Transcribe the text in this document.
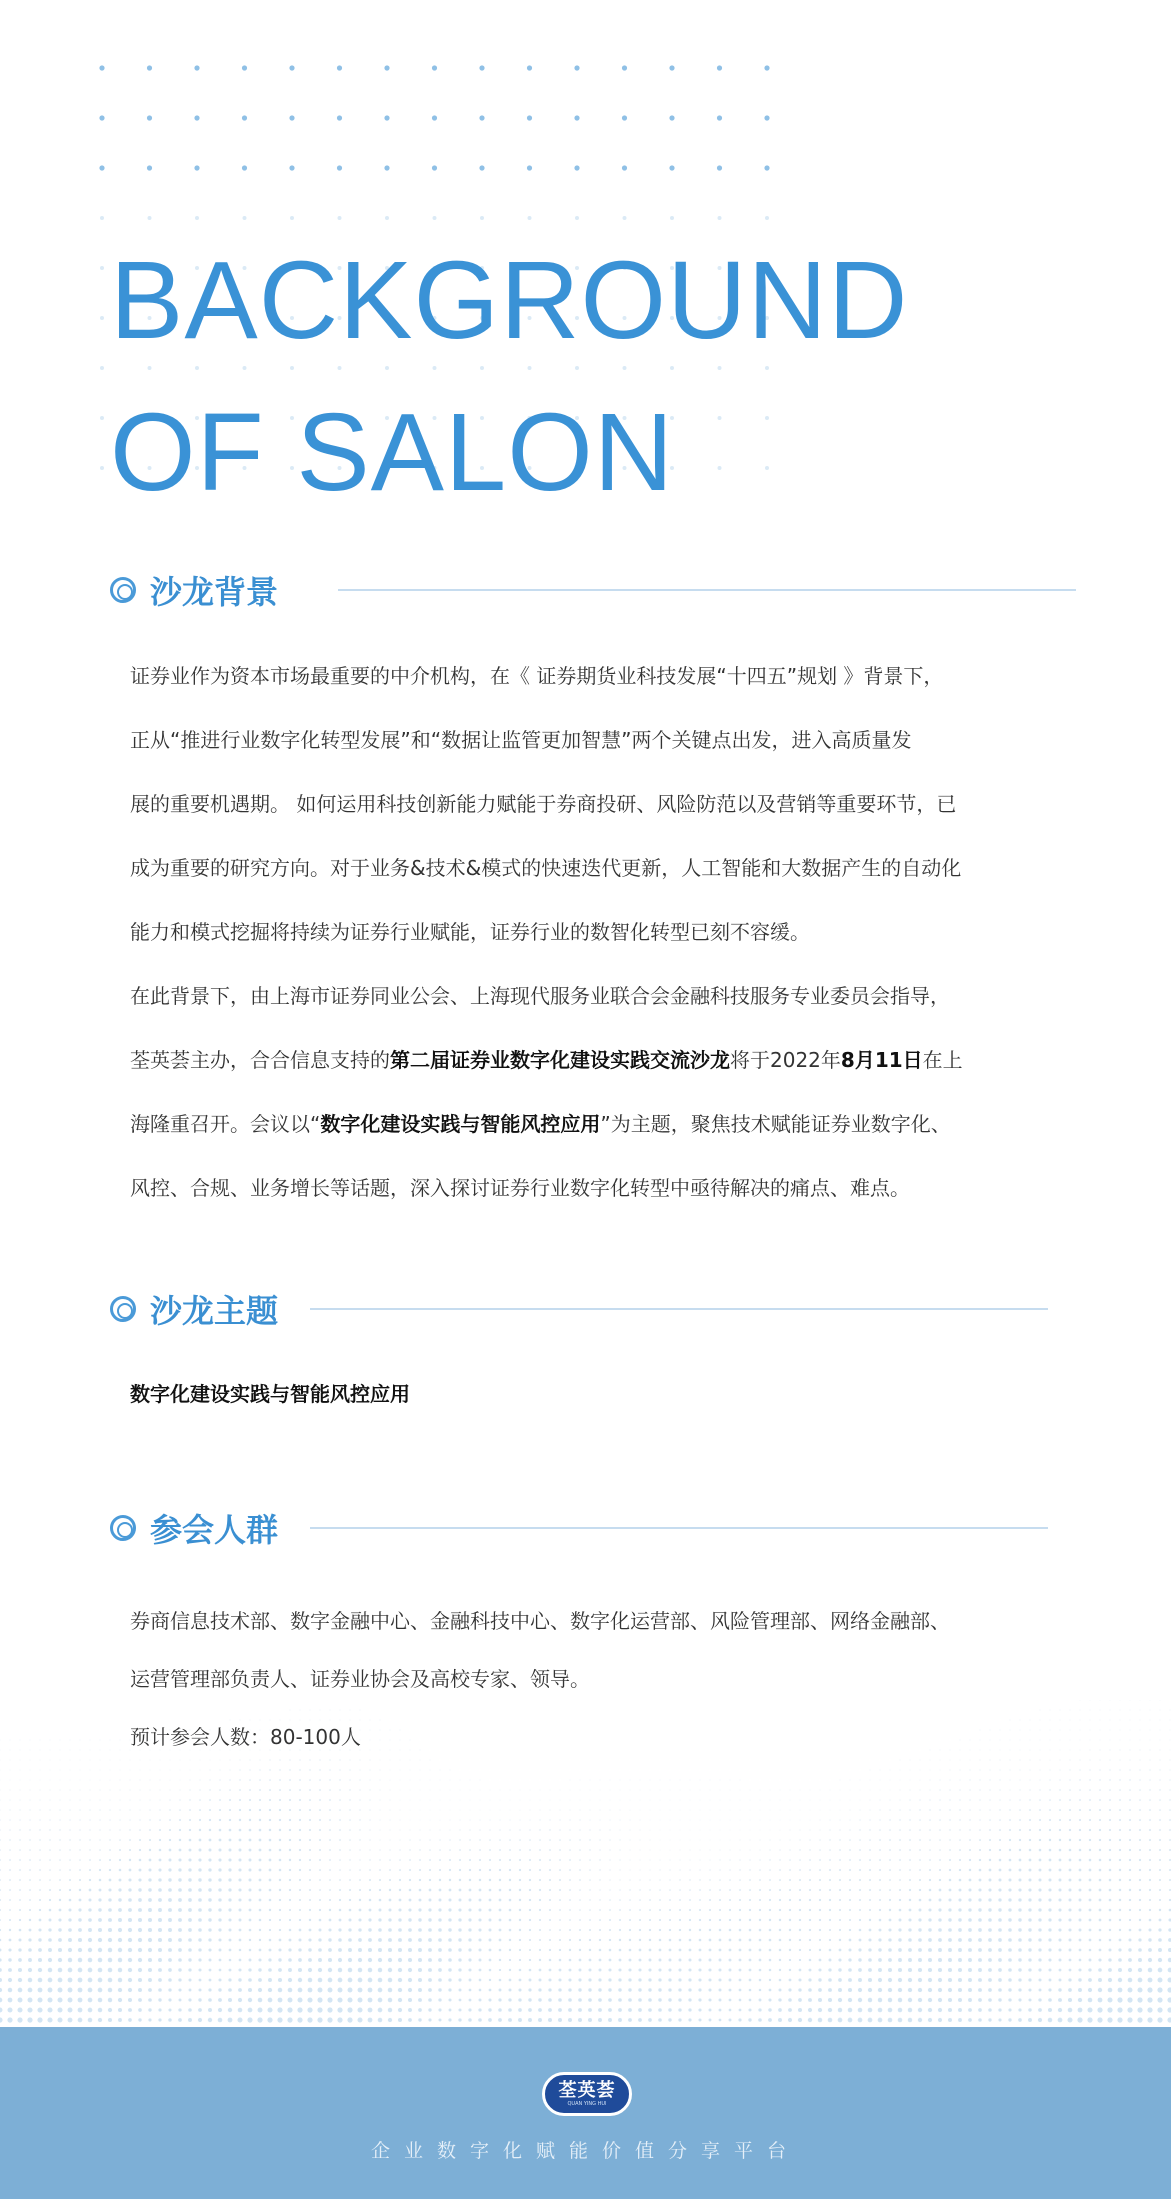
BACKGROUND
OF SALON
沙龙背景
证券业作为资本市场最重要的中介机构，在《 证券期货业科技发展“十四五”规划 》背景下，
正从“推进行业数字化转型发展”和“数据让监管更加智慧”两个关键点出发，进入高质量发
展的重要机遇期。 如何运用科技创新能力赋能于券商投研、风险防范以及营销等重要环节，已
成为重要的研究方向。对于业务&技术&模式的快速迭代更新，人工智能和大数据产生的自动化
能力和模式挖掘将持续为证券行业赋能，证券行业的数智化转型已刻不容缓。
在此背景下，由上海市证券同业公会、上海现代服务业联合会金融科技服务专业委员会指导，
荃英荟主办，合合信息支持的第二届证券业数字化建设实践交流沙龙将于2022年8月11日在上
海隆重召开。会议以“数字化建设实践与智能风控应用”为主题，聚焦技术赋能证券业数字化、
风控、合规、业务增长等话题，深入探讨证券行业数字化转型中亟待解决的痛点、难点。
沙龙主题
数字化建设实践与智能风控应用
参会人群
券商信息技术部、数字金融中心、金融科技中心、数字化运营部、风险管理部、网络金融部、
运营管理部负责人、证券业协会及高校专家、领导。
预计参会人数：80-100人
荃英荟
QUAN YING HUI
企业数字化赋能价值分享平台
